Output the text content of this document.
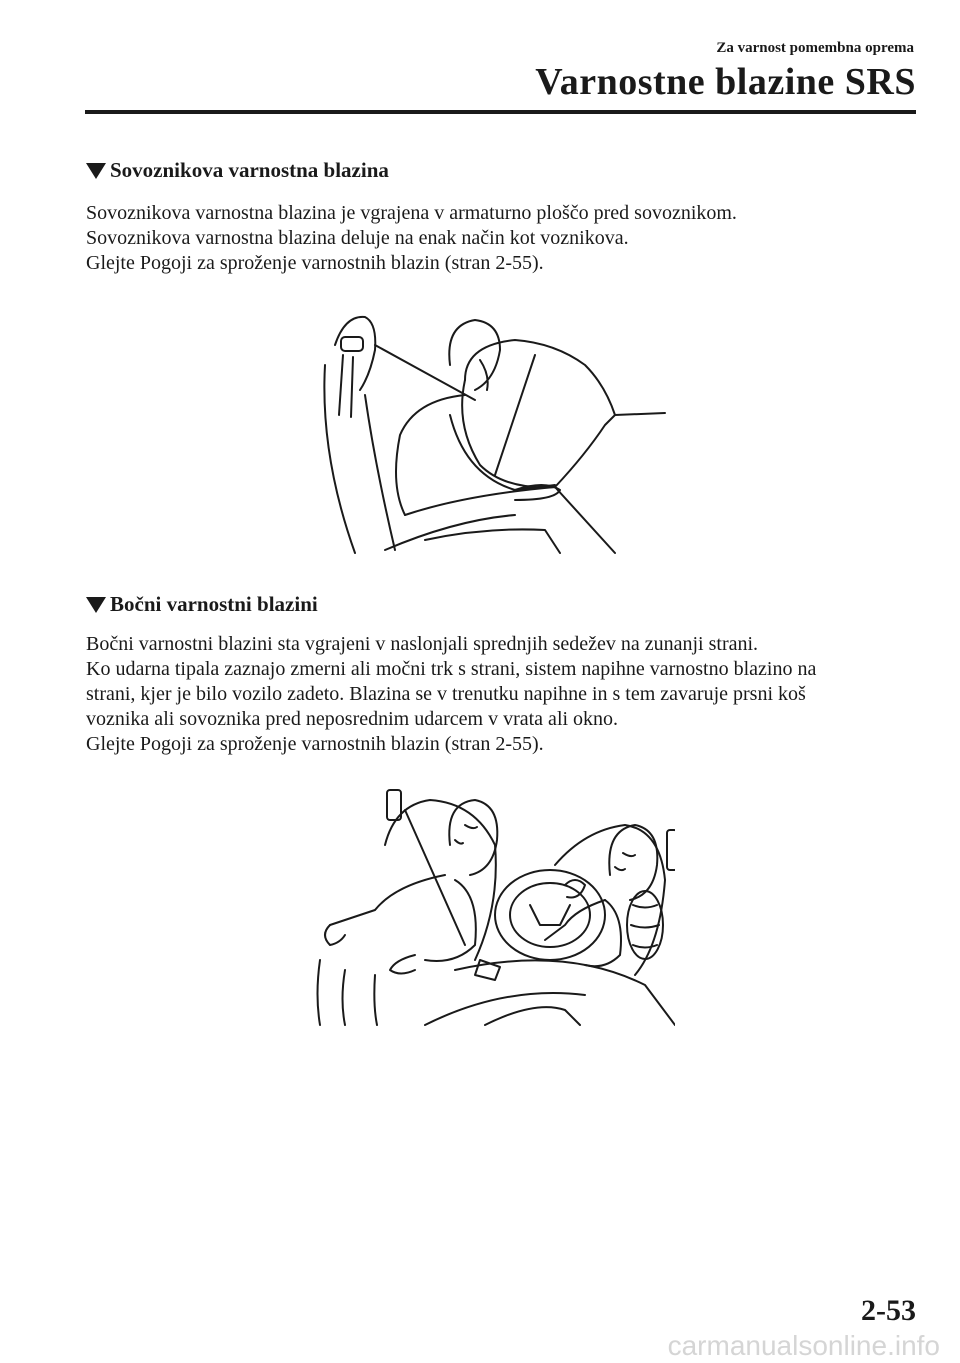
Za varnost pomembna oprema
Varnostne blazine SRS
Sovoznikova varnostna blazina

Sovoznikova varnostna blazina je vgrajena v armaturno ploščo pred sovoznikom.

Sovoznikova varnostna blazina deluje na enak način kot voznikova.

Glejte Pogoji za sproženje varnostnih blazin (stran 2-55).

Bočni varnostni blazini

Bočni varnostni blazini sta vgrajeni v naslonjali sprednjih sedežev na zunanji strani.

Ko udarna tipala zaznajo zmerni ali močni trk s strani, sistem napihne varnostno blazino na

strani, kjer je bilo vozilo zadeto. Blazina se v trenutku napihne in s tem zavaruje prsni koš

voznika ali sovoznika pred neposrednim udarcem v vrata ali okno.

Glejte Pogoji za sproženje varnostnih blazin (stran 2-55).

2-53
carmanualsonline.info
